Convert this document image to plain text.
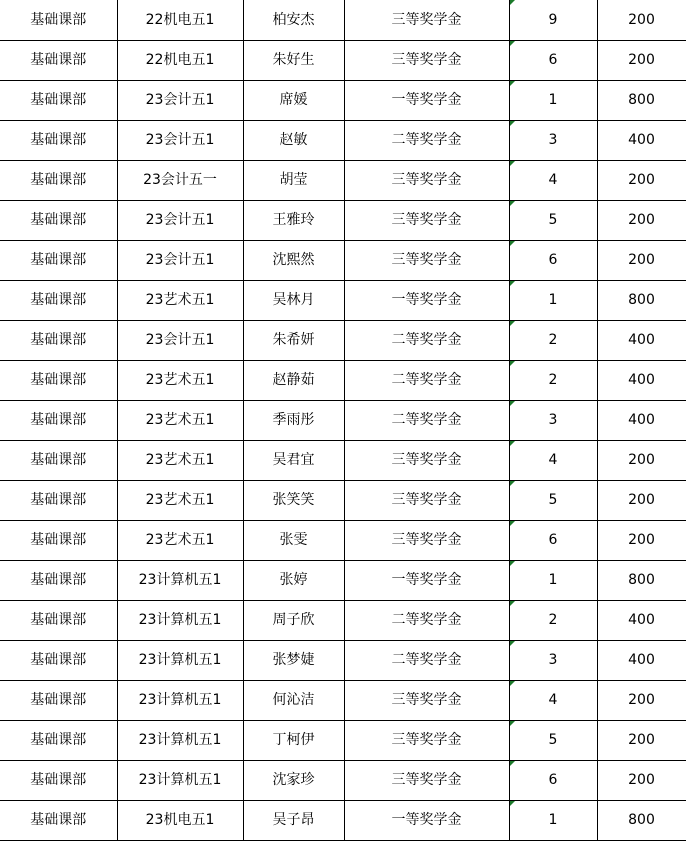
基础课部	22机电五1	柏安杰	三等奖学金	9	200
基础课部	22机电五1	朱好生	三等奖学金	6	200
基础课部	23会计五1	席媛	一等奖学金	1	800
基础课部	23会计五1	赵敏	二等奖学金	3	400
基础课部	23会计五一	胡莹	三等奖学金	4	200
基础课部	23会计五1	王雅玲	三等奖学金	5	200
基础课部	23会计五1	沈熙然	三等奖学金	6	200
基础课部	23艺术五1	吴林月	一等奖学金	1	800
基础课部	23会计五1	朱希妍	二等奖学金	2	400
基础课部	23艺术五1	赵静茹	二等奖学金	2	400
基础课部	23艺术五1	季雨彤	二等奖学金	3	400
基础课部	23艺术五1	吴君宜	三等奖学金	4	200
基础课部	23艺术五1	张笑笑	三等奖学金	5	200
基础课部	23艺术五1	张雯	三等奖学金	6	200
基础课部	23计算机五1	张婷	一等奖学金	1	800
基础课部	23计算机五1	周子欣	二等奖学金	2	400
基础课部	23计算机五1	张梦婕	二等奖学金	3	400
基础课部	23计算机五1	何沁洁	三等奖学金	4	200
基础课部	23计算机五1	丁柯伊	三等奖学金	5	200
基础课部	23计算机五1	沈家珍	三等奖学金	6	200
基础课部	23机电五1	吴子昂	一等奖学金	1	800
